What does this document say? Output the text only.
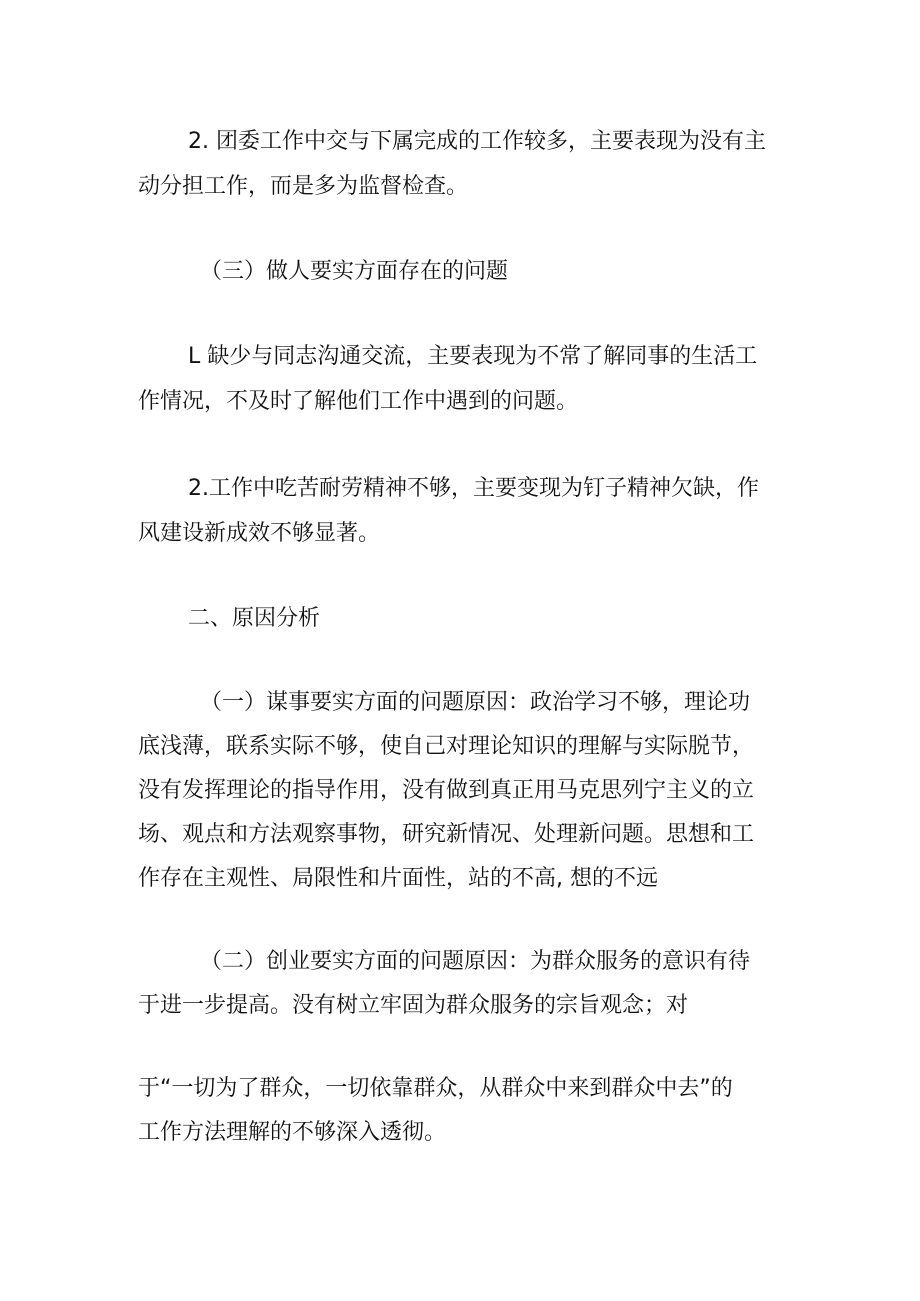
2. 团委工作中交与下属完成的工作较多，主要表现为没有主
动分担工作，而是多为监督检查。
（三）做人要实方面存在的问题
L 缺少与同志沟通交流，主要表现为不常了解同事的生活工
作情况，不及时了解他们工作中遇到的问题。
2.工作中吃苦耐劳精神不够，主要变现为钉子精神欠缺，作
风建设新成效不够显著。
二、原因分析
（一）谋事要实方面的问题原因：政治学习不够，理论功
底浅薄，联系实际不够，使自己对理论知识的理解与实际脱节，
没有发挥理论的指导作用，没有做到真正用马克思列宁主义的立
场、观点和方法观察事物，研究新情况、处理新问题。思想和工
作存在主观性、局限性和片面性，站的不高, 想的不远
（二）创业要实方面的问题原因：为群众服务的意识有待
于进一步提高。没有树立牢固为群众服务的宗旨观念；对
于“一切为了群众，一切依靠群众，从群众中来到群众中去”的
工作方法理解的不够深入透彻。
